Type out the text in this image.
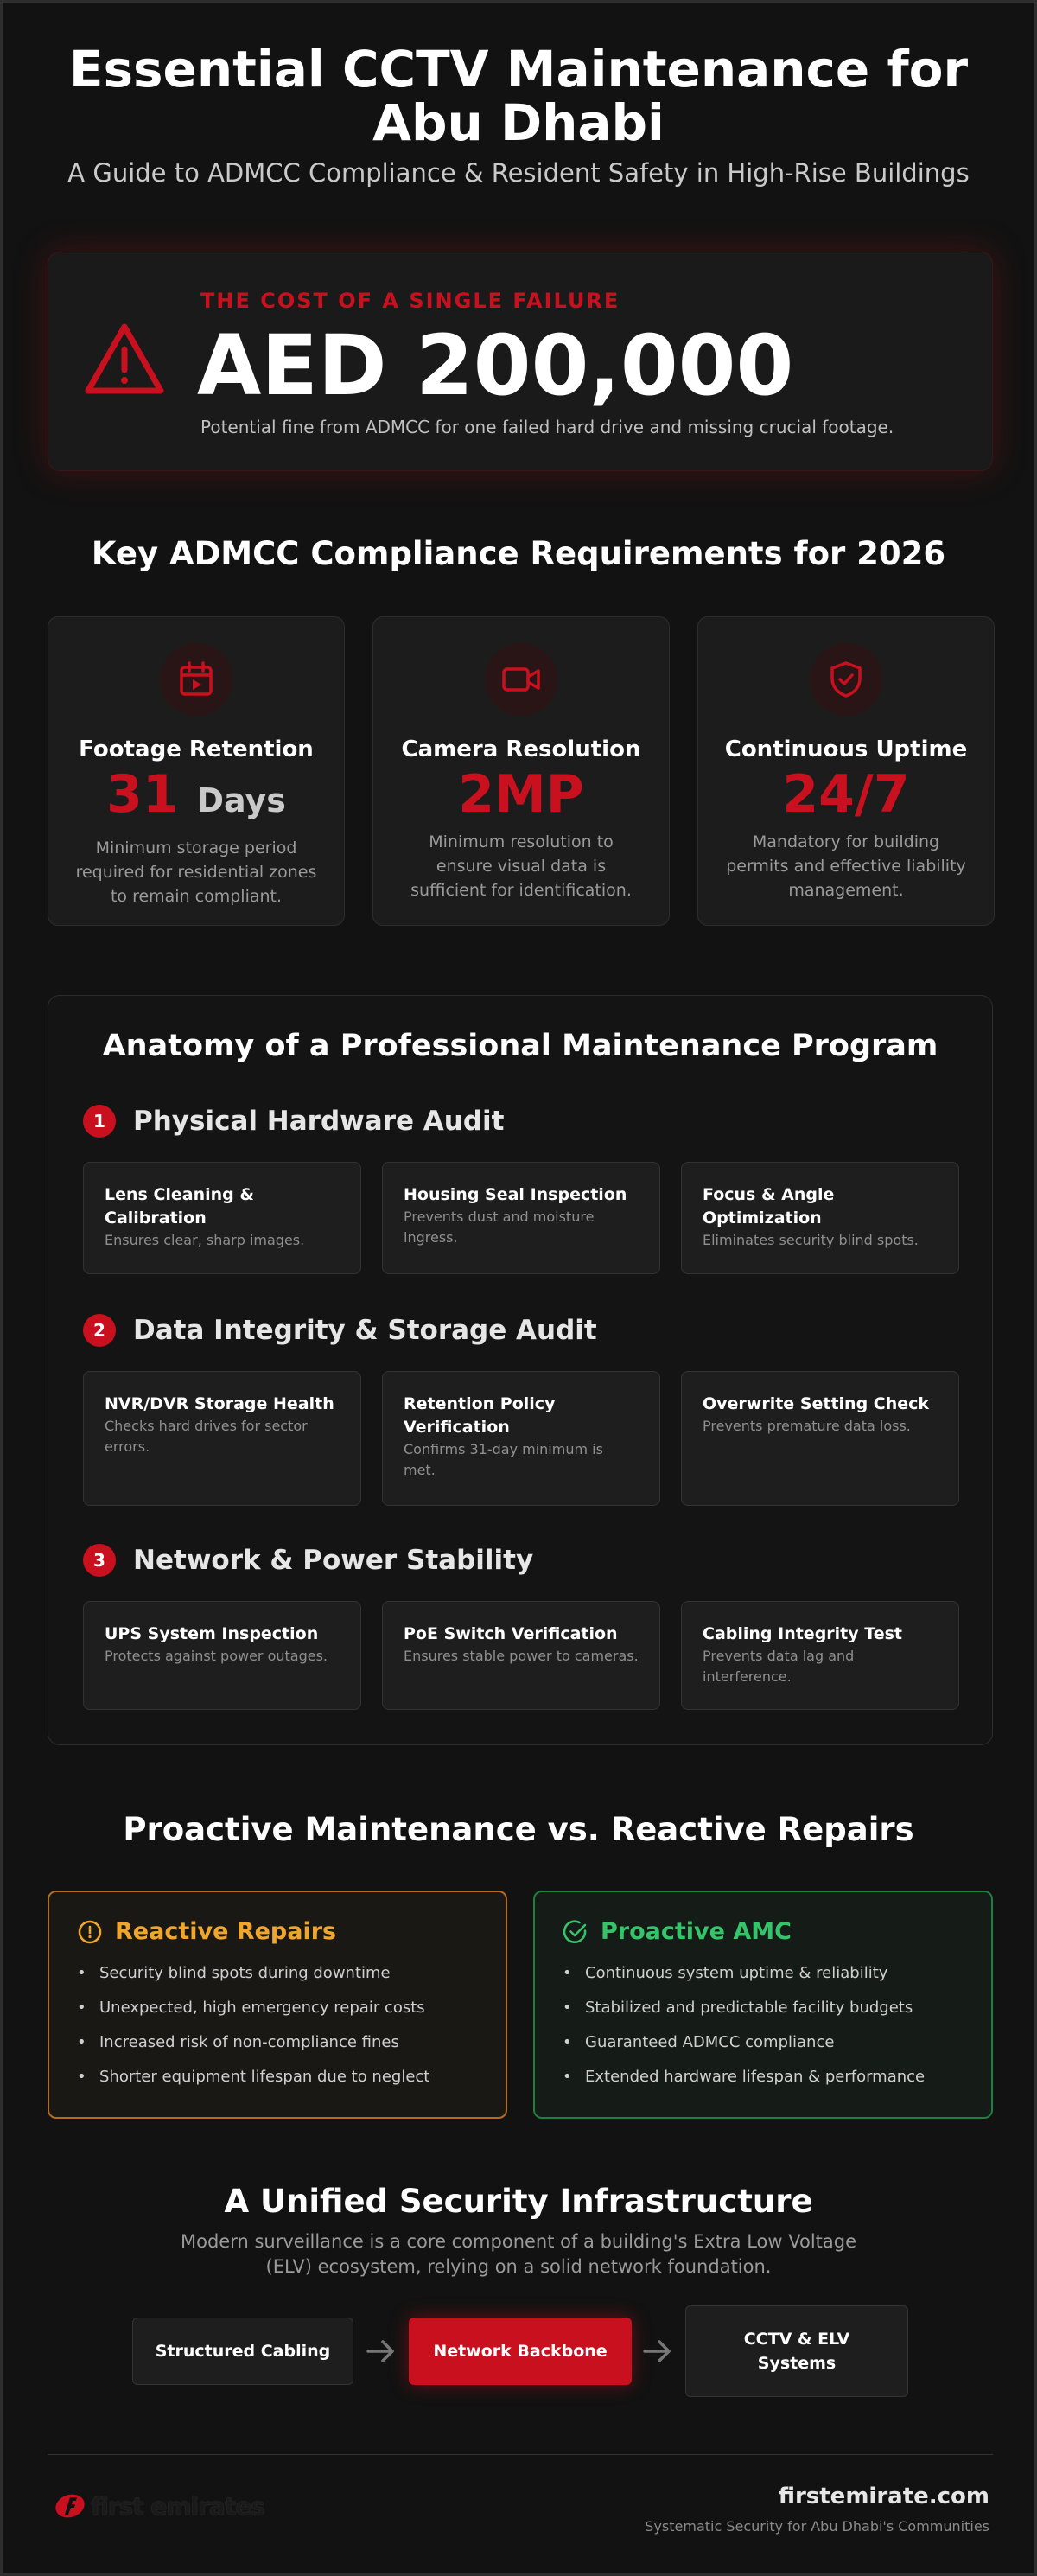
Essential CCTV Maintenance for Abu Dhabi
A Guide to ADMCC Compliance & Resident Safety in High-Rise Buildings
THE COST OF A SINGLE FAILURE
AED 200,000
Potential fine from ADMCC for one failed hard drive and missing crucial footage.
Key ADMCC Compliance Requirements for 2026
Footage Retention
31 Days
Minimum storage period required for residential zones to remain compliant.
Camera Resolution
2MP
Minimum resolution to ensure visual data is sufficient for identification.
Continuous Uptime
24/7
Mandatory for building permits and effective liability management.
Anatomy of a Professional Maintenance Program
1	Physical Hardware Audit
Lens Cleaning & Calibration
Ensures clear, sharp images.
Housing Seal Inspection
Prevents dust and moisture ingress.
Focus & Angle Optimization
Eliminates security blind spots.
2	Data Integrity & Storage Audit
NVR/DVR Storage Health
Checks hard drives for sector errors.
Retention Policy Verification
Confirms 31-day minimum is met.
Overwrite Setting Check
Prevents premature data loss.
3	Network & Power Stability
UPS System Inspection
Protects against power outages.
PoE Switch Verification
Ensures stable power to cameras.
Cabling Integrity Test
Prevents data lag and interference.
Proactive Maintenance vs. Reactive Repairs
Reactive Repairs
• Security blind spots during downtime
• Unexpected, high emergency repair costs
• Increased risk of non-compliance fines
• Shorter equipment lifespan due to neglect
Proactive AMC
• Continuous system uptime & reliability
• Stabilized and predictable facility budgets
• Guaranteed ADMCC compliance
• Extended hardware lifespan & performance
A Unified Security Infrastructure
Modern surveillance is a core component of a building's Extra Low Voltage (ELV) ecosystem, relying on a solid network foundation.
Structured Cabling	Network Backbone
CCTV & ELV Systems
first emirates	firstemirate.com
Systematic Security for Abu Dhabi's Communities
